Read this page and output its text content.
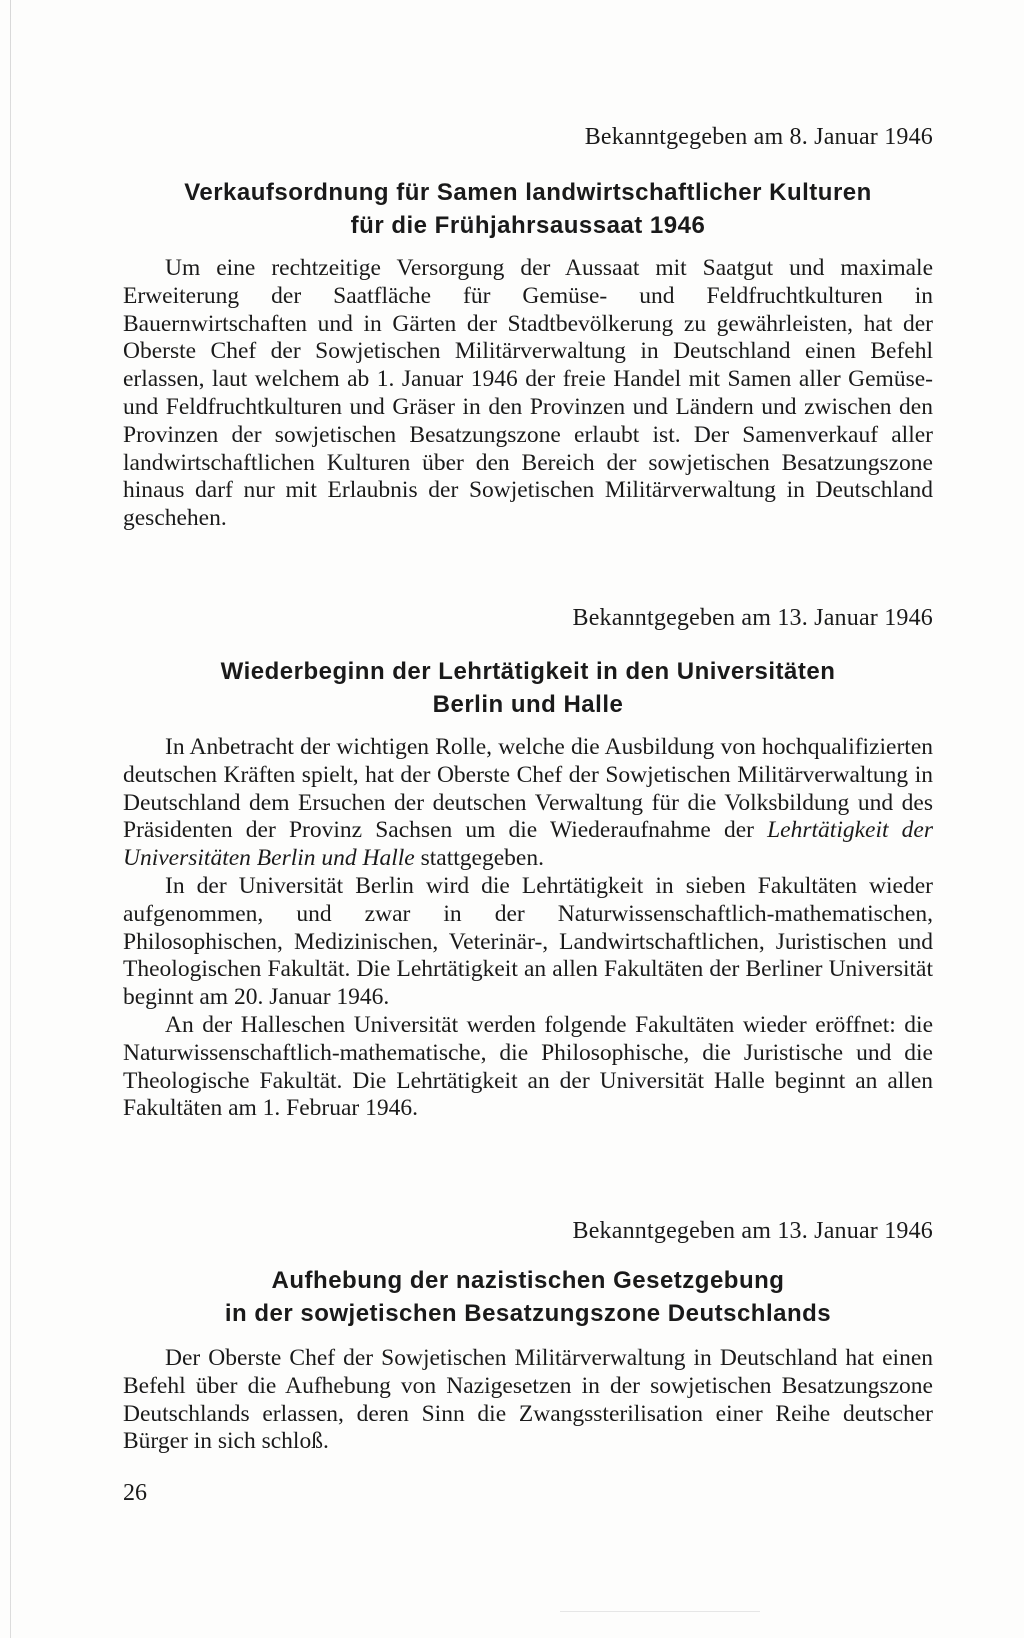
Bekanntgegeben am 8. Januar 1946
Verkaufsordnung für Samen landwirtschaftlicher Kulturen
für die Frühjahrsaussaat 1946

Um eine rechtzeitige Versorgung der Aussaat mit Saatgut und maximale Erweiterung der Saatfläche für Gemüse- und Feldfruchtkulturen in Bauernwirtschaften und in Gärten der Stadtbevölkerung zu gewährleisten, hat der Oberste Chef der Sowjetischen Militärverwaltung in Deutschland einen Befehl erlassen, laut welchem ab 1. Januar 1946 der freie Handel mit Samen aller Gemüse- und Feldfruchtkulturen und Gräser in den Provinzen und Ländern und zwischen den Provinzen der sowjetischen Besatzungszone erlaubt ist. Der Samenverkauf aller landwirtschaftlichen Kulturen über den Bereich der sowjetischen Besatzungszone hinaus darf nur mit Erlaubnis der Sowjetischen Militärverwaltung in Deutschland geschehen.

Bekanntgegeben am 13. Januar 1946
Wiederbeginn der Lehrtätigkeit in den Universitäten
Berlin und Halle

In Anbetracht der wichtigen Rolle, welche die Ausbildung von hochqualifizierten deutschen Kräften spielt, hat der Oberste Chef der Sowjetischen Militärverwaltung in Deutschland dem Ersuchen der deutschen Verwaltung für die Volksbildung und des Präsidenten der Provinz Sachsen um die Wiederaufnahme der Lehrtätigkeit der Universitäten Berlin und Halle stattgegeben.

In der Universität Berlin wird die Lehrtätigkeit in sieben Fakultäten wieder aufgenommen, und zwar in der Naturwissenschaftlich-mathematischen, Philosophischen, Medizinischen, Veterinär-, Landwirtschaftlichen, Juristischen und Theologischen Fakultät. Die Lehrtätigkeit an allen Fakultäten der Berliner Universität beginnt am 20. Januar 1946.

An der Halleschen Universität werden folgende Fakultäten wieder eröffnet: die Naturwissenschaftlich-mathematische, die Philosophische, die Juristische und die Theologische Fakultät. Die Lehrtätigkeit an der Universität Halle beginnt an allen Fakultäten am 1. Februar 1946.

Bekanntgegeben am 13. Januar 1946
Aufhebung der nazistischen Gesetzgebung
in der sowjetischen Besatzungszone Deutschlands

Der Oberste Chef der Sowjetischen Militärverwaltung in Deutschland hat einen Befehl über die Aufhebung von Nazigesetzen in der sowjetischen Besatzungszone Deutschlands erlassen, deren Sinn die Zwangssterilisation einer Reihe deutscher Bürger in sich schloß.

26
